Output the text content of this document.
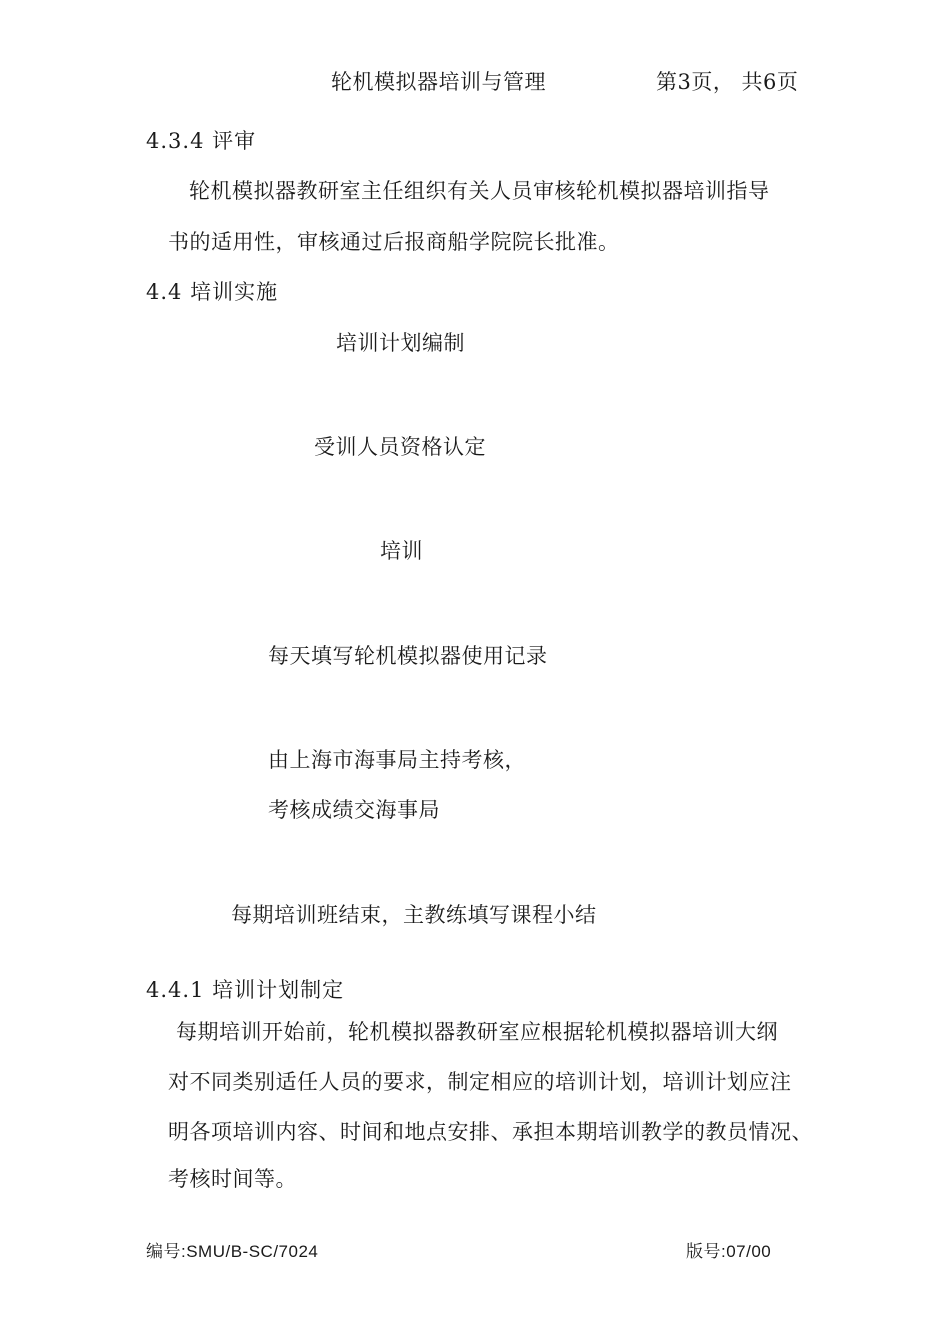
轮机模拟器培训与管理	第3页， 共6页
4.3.4 评审
轮机模拟器教研室主任组织有关人员审核轮机模拟器培训指导
书的适用性，审核通过后报商船学院院长批准。
4.4 培训实施
培训计划编制
受训人员资格认定
培训
每天填写轮机模拟器使用记录
由上海市海事局主持考核，
考核成绩交海事局
每期培训班结束，主教练填写课程小结
4.4.1 培训计划制定
每期培训开始前，轮机模拟器教研室应根据轮机模拟器培训大纲
对不同类别适任人员的要求，制定相应的培训计划，培训计划应注
明各项培训内容、时间和地点安排、承担本期培训教学的教员情况、
考核时间等。
编号:SMU/B-SC/7024	版号:07/00
